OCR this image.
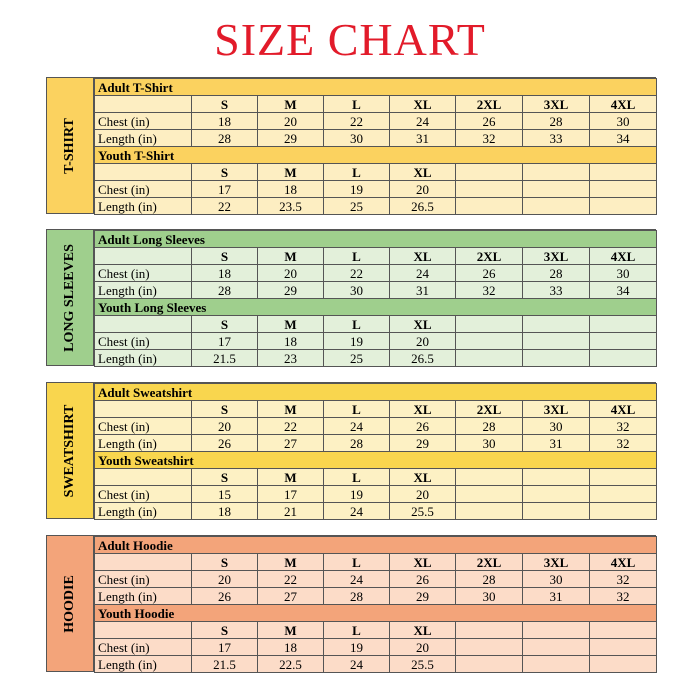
SIZE CHART
T-SHIRT
Adult T-Shirt							
	S	M	L	XL	2XL	3XL	4XL
Chest (in)	18	20	22	24	26	28	30
Length (in)	28	29	30	31	32	33	34
Youth T-Shirt							
	S	M	L	XL			
Chest (in)	17	18	19	20			
Length (in)	22	23.5	25	26.5			
LONG SLEEVES
Adult Long Sleeves							
	S	M	L	XL	2XL	3XL	4XL
Chest (in)	18	20	22	24	26	28	30
Length (in)	28	29	30	31	32	33	34
Youth Long Sleeves							
	S	M	L	XL			
Chest (in)	17	18	19	20			
Length (in)	21.5	23	25	26.5			
SWEATSHIRT
Adult Sweatshirt							
	S	M	L	XL	2XL	3XL	4XL
Chest (in)	20	22	24	26	28	30	32
Length (in)	26	27	28	29	30	31	32
Youth Sweatshirt							
	S	M	L	XL			
Chest (in)	15	17	19	20			
Length (in)	18	21	24	25.5			
HOODIE
Adult Hoodie							
	S	M	L	XL	2XL	3XL	4XL
Chest (in)	20	22	24	26	28	30	32
Length (in)	26	27	28	29	30	31	32
Youth Hoodie							
	S	M	L	XL			
Chest (in)	17	18	19	20			
Length (in)	21.5	22.5	24	25.5			
